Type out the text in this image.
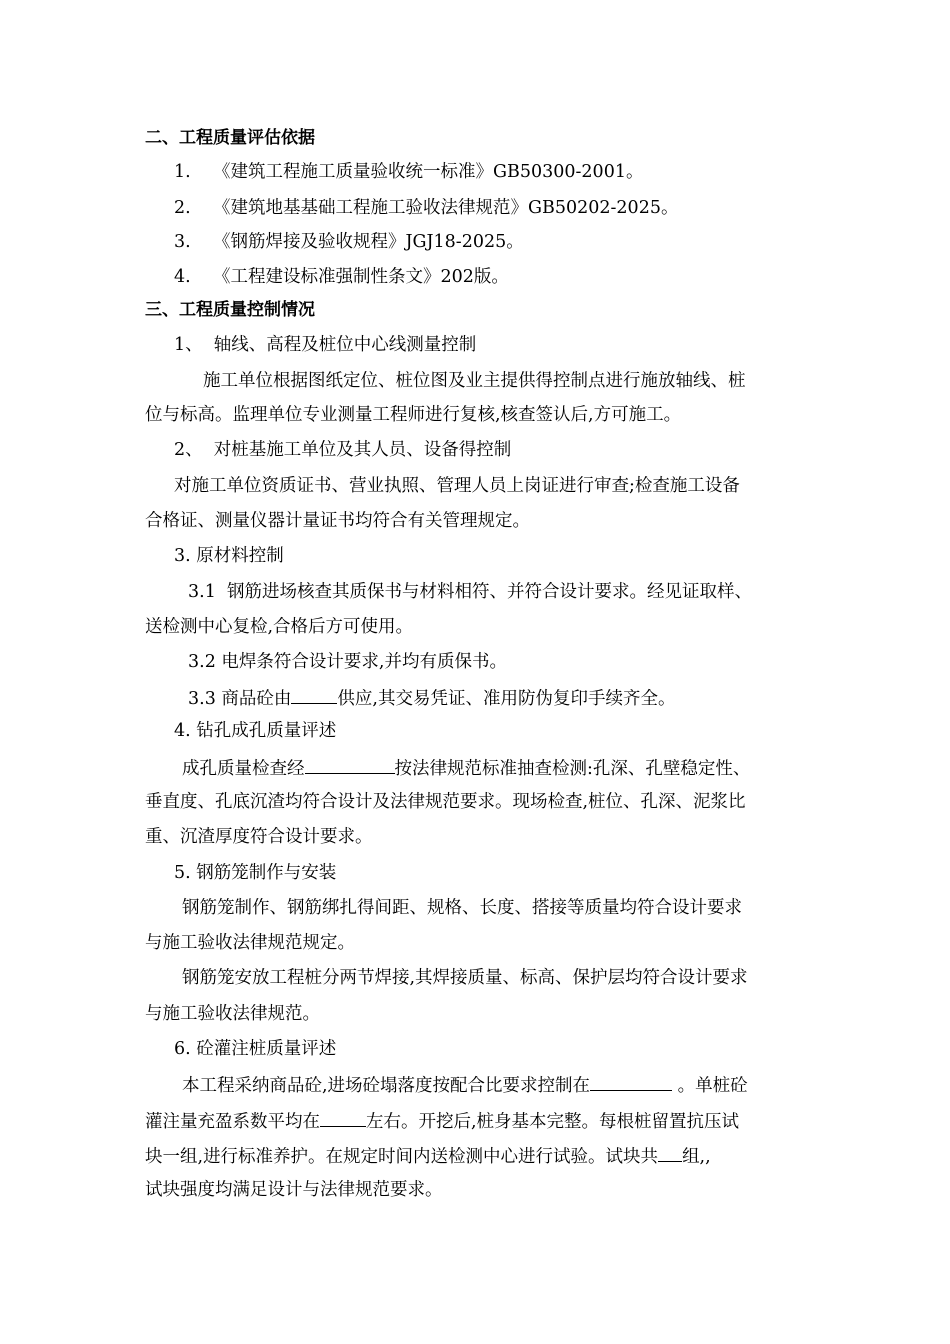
二、工程质量评估依据
1. 《建筑工程施工质量验收统一标准》GB50300-2001。
2. 《建筑地基基础工程施工验收法律规范》GB50202-2025。
3. 《钢筋焊接及验收规程》JGJ18-2025。
4. 《工程建设标准强制性条文》202版。
三、工程质量控制情况
1、  轴线、高程及桩位中心线测量控制
施工单位根据图纸定位、桩位图及业主提供得控制点进行施放轴线、桩
位与标高。监理单位专业测量工程师进行复核,核查签认后,方可施工。
2、  对桩基施工单位及其人员、设备得控制
对施工单位资质证书、营业执照、管理人员上岗证进行审查;检查施工设备
合格证、测量仪器计量证书均符合有关管理规定。
3. 原材料控制
3.1  钢筋进场核查其质保书与材料相符、并符合设计要求。经见证取样、
送检测中心复检,合格后方可使用。
3.2 电焊条符合设计要求,并均有质保书。
3.3 商品砼由	供应,其交易凭证、准用防伪复印手续齐全。
4. 钻孔成孔质量评述
成孔质量检查经	按法律规范标准抽查检测:孔深、孔壁稳定性、
垂直度、孔底沉渣均符合设计及法律规范要求。现场检查,桩位、孔深、泥浆比
重、沉渣厚度符合设计要求。
5. 钢筋笼制作与安装
钢筋笼制作、钢筋绑扎得间距、规格、长度、搭接等质量均符合设计要求
与施工验收法律规范规定。
钢筋笼安放工程桩分两节焊接,其焊接质量、标高、保护层均符合设计要求
与施工验收法律规范。
6. 砼灌注桩质量评述
本工程采纳商品砼,进场砼塌落度按配合比要求控制在	。单桩砼
灌注量充盈系数平均在	左右。开挖后,桩身基本完整。每根桩留置抗压试
块一组,进行标准养护。在规定时间内送检测中心进行试验。试块共 组,,
试块强度均满足设计与法律规范要求。
